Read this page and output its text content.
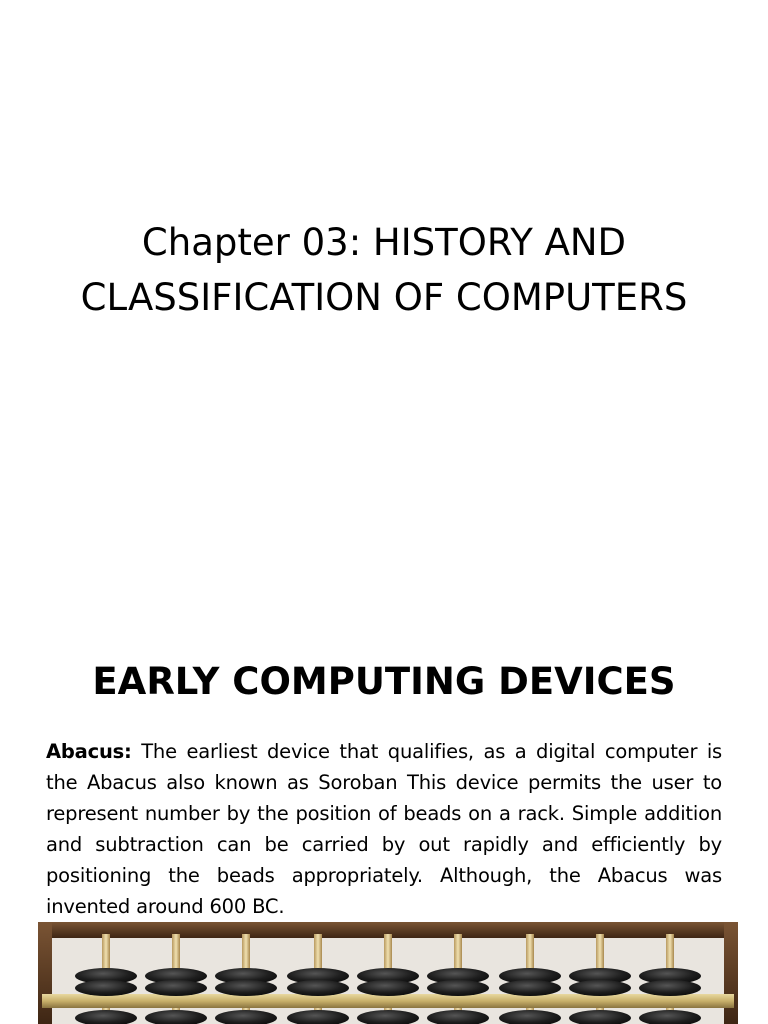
Chapter 03: HISTORY AND
CLASSIFICATION OF COMPUTERS
EARLY COMPUTING DEVICES

Abacus: The earliest device that qualifies, as a digital computer is the Abacus also known as Soroban This device permits the user to represent number by the position of beads on a rack. Simple addition and subtraction can be carried by out rapidly and efficiently by positioning the beads appropriately. Although, the Abacus was invented around 600 BC.
